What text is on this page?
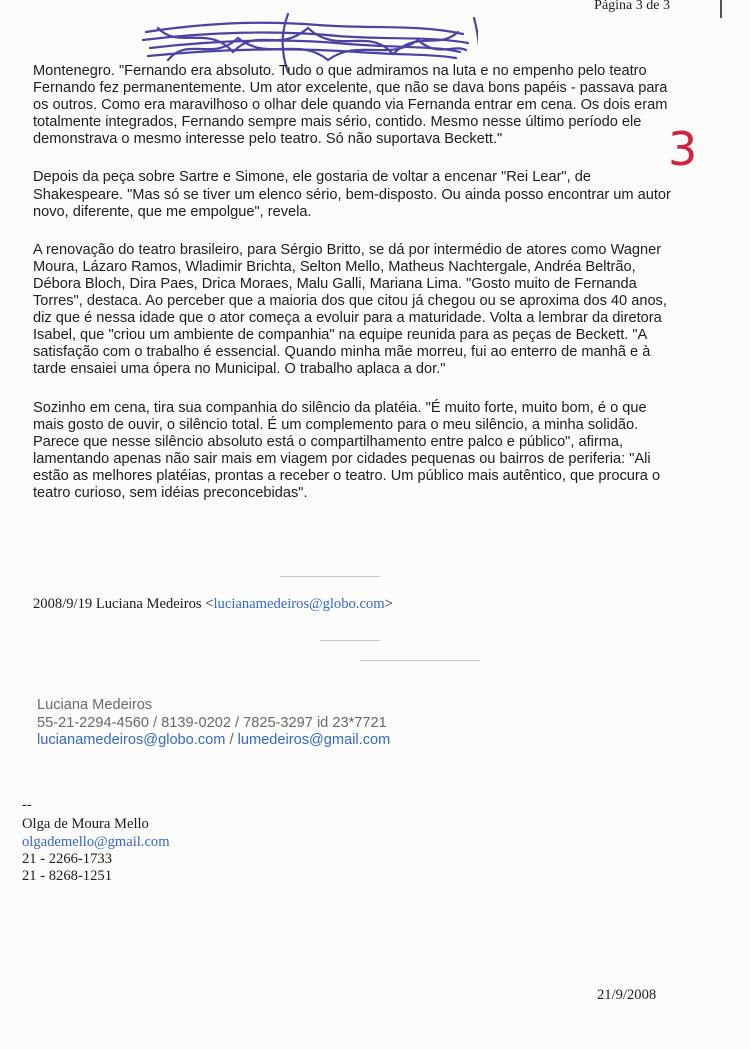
Página 3 de 3
3

Montenegro. "Fernando era absoluto. Tudo o que admiramos na luta e no empenho pelo teatro Fernando fez permanentemente. Um ator excelente, que não se dava bons papéis - passava para os outros. Como era maravilhoso o olhar dele quando via Fernanda entrar em cena. Os dois eram totalmente integrados, Fernando sempre mais sério, contido. Mesmo nesse último período ele demonstrava o mesmo interesse pelo teatro. Só não suportava Beckett."

Depois da peça sobre Sartre e Simone, ele gostaria de voltar a encenar "Rei Lear", de Shakespeare. "Mas só se tiver um elenco sério, bem-disposto. Ou ainda posso encontrar um autor novo, diferente, que me empolgue", revela.

A renovação do teatro brasileiro, para Sérgio Britto, se dá por intermédio de atores como Wagner Moura, Lázaro Ramos, Wladimir Brichta, Selton Mello, Matheus Nachtergale, Andréa Beltrão, Débora Bloch, Dira Paes, Drica Moraes, Malu Galli, Mariana Lima. "Gosto muito de Fernanda Torres", destaca. Ao perceber que a maioria dos que citou já chegou ou se aproxima dos 40 anos, diz que é nessa idade que o ator começa a evoluir para a maturidade. Volta a lembrar da diretora Isabel, que "criou um ambiente de companhia" na equipe reunida para as peças de Beckett. "A satisfação com o trabalho é essencial. Quando minha mãe morreu, fui ao enterro de manhã e à tarde ensaiei uma ópera no Municipal. O trabalho aplaca a dor."

Sozinho em cena, tira sua companhia do silêncio da platéia. "É muito forte, muito bom, é o que mais gosto de ouvir, o silêncio total. É um complemento para o meu silêncio, a minha solidão. Parece que nesse silêncio absoluto está o compartilhamento entre palco e público", afirma, lamentando apenas não sair mais em viagem por cidades pequenas ou bairros de periferia: "Ali estão as melhores platéias, prontas a receber o teatro. Um público mais autêntico, que procura o teatro curioso, sem idéias preconcebidas".

2008/9/19 Luciana Medeiros <lucianamedeiros@globo.com>
Luciana Medeiros
55-21-2294-4560 / 8139-0202 / 7825-3297 id 23*7721
lucianamedeiros@globo.com / lumedeiros@gmail.com
--
Olga de Moura Mello
olgademello@gmail.com
21 - 2266-1733
21 - 8268-1251
21/9/2008
